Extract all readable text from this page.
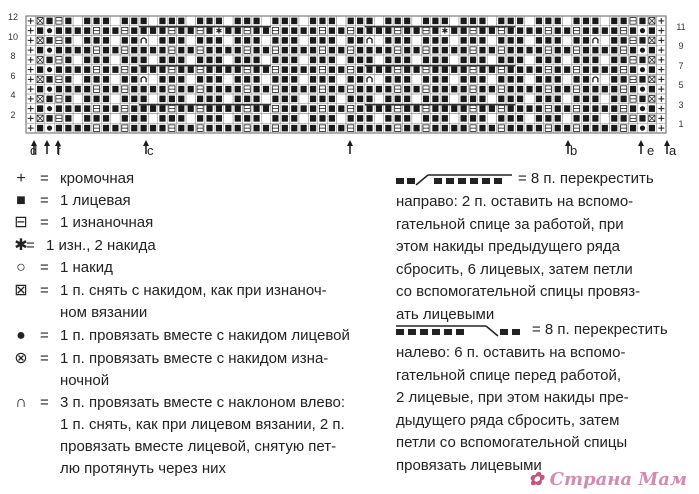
✱	✱
12
10
8
6
4
2
11
9
7
5
3
1
d f	c	b	e a
+ = кромочная
■ = 1 лицевая
⊟ = 1 изнаночная
✱
= 1 изн., 2 накида
○ = 1 накид
⊠ = 1 п. снять с накидом, как при изнаноч-
ном вязании
● = 1 п. провязать вместе с накидом лицевой
⊗ = 1 п. провязать вместе с накидом изна-
ночной
∩ = 3 п. провязать вместе с наклоном влево:
1 п. снять, как при лицевом вязании, 2 п.
провязать вместе лицевой, снятую пет-
лю протянуть через них
= 8 п. перекрестить
направо: 2 п. оставить на вспомо-
гательной спице за работой, при
этом накиды предыдущего ряда
сбросить, 6 лицевых, затем петли
со вспомогательной спицы провяз-
ать лицевыми
= 8 п. перекрестить
налево: 6 п. оставить на вспомо-
гательной спице перед работой,
2 лицевые, при этом накиды пре-
дыдущего ряда сбросить, затем
петли со вспомогательной спицы
провязать лицевыми
✿ Страна Мам
